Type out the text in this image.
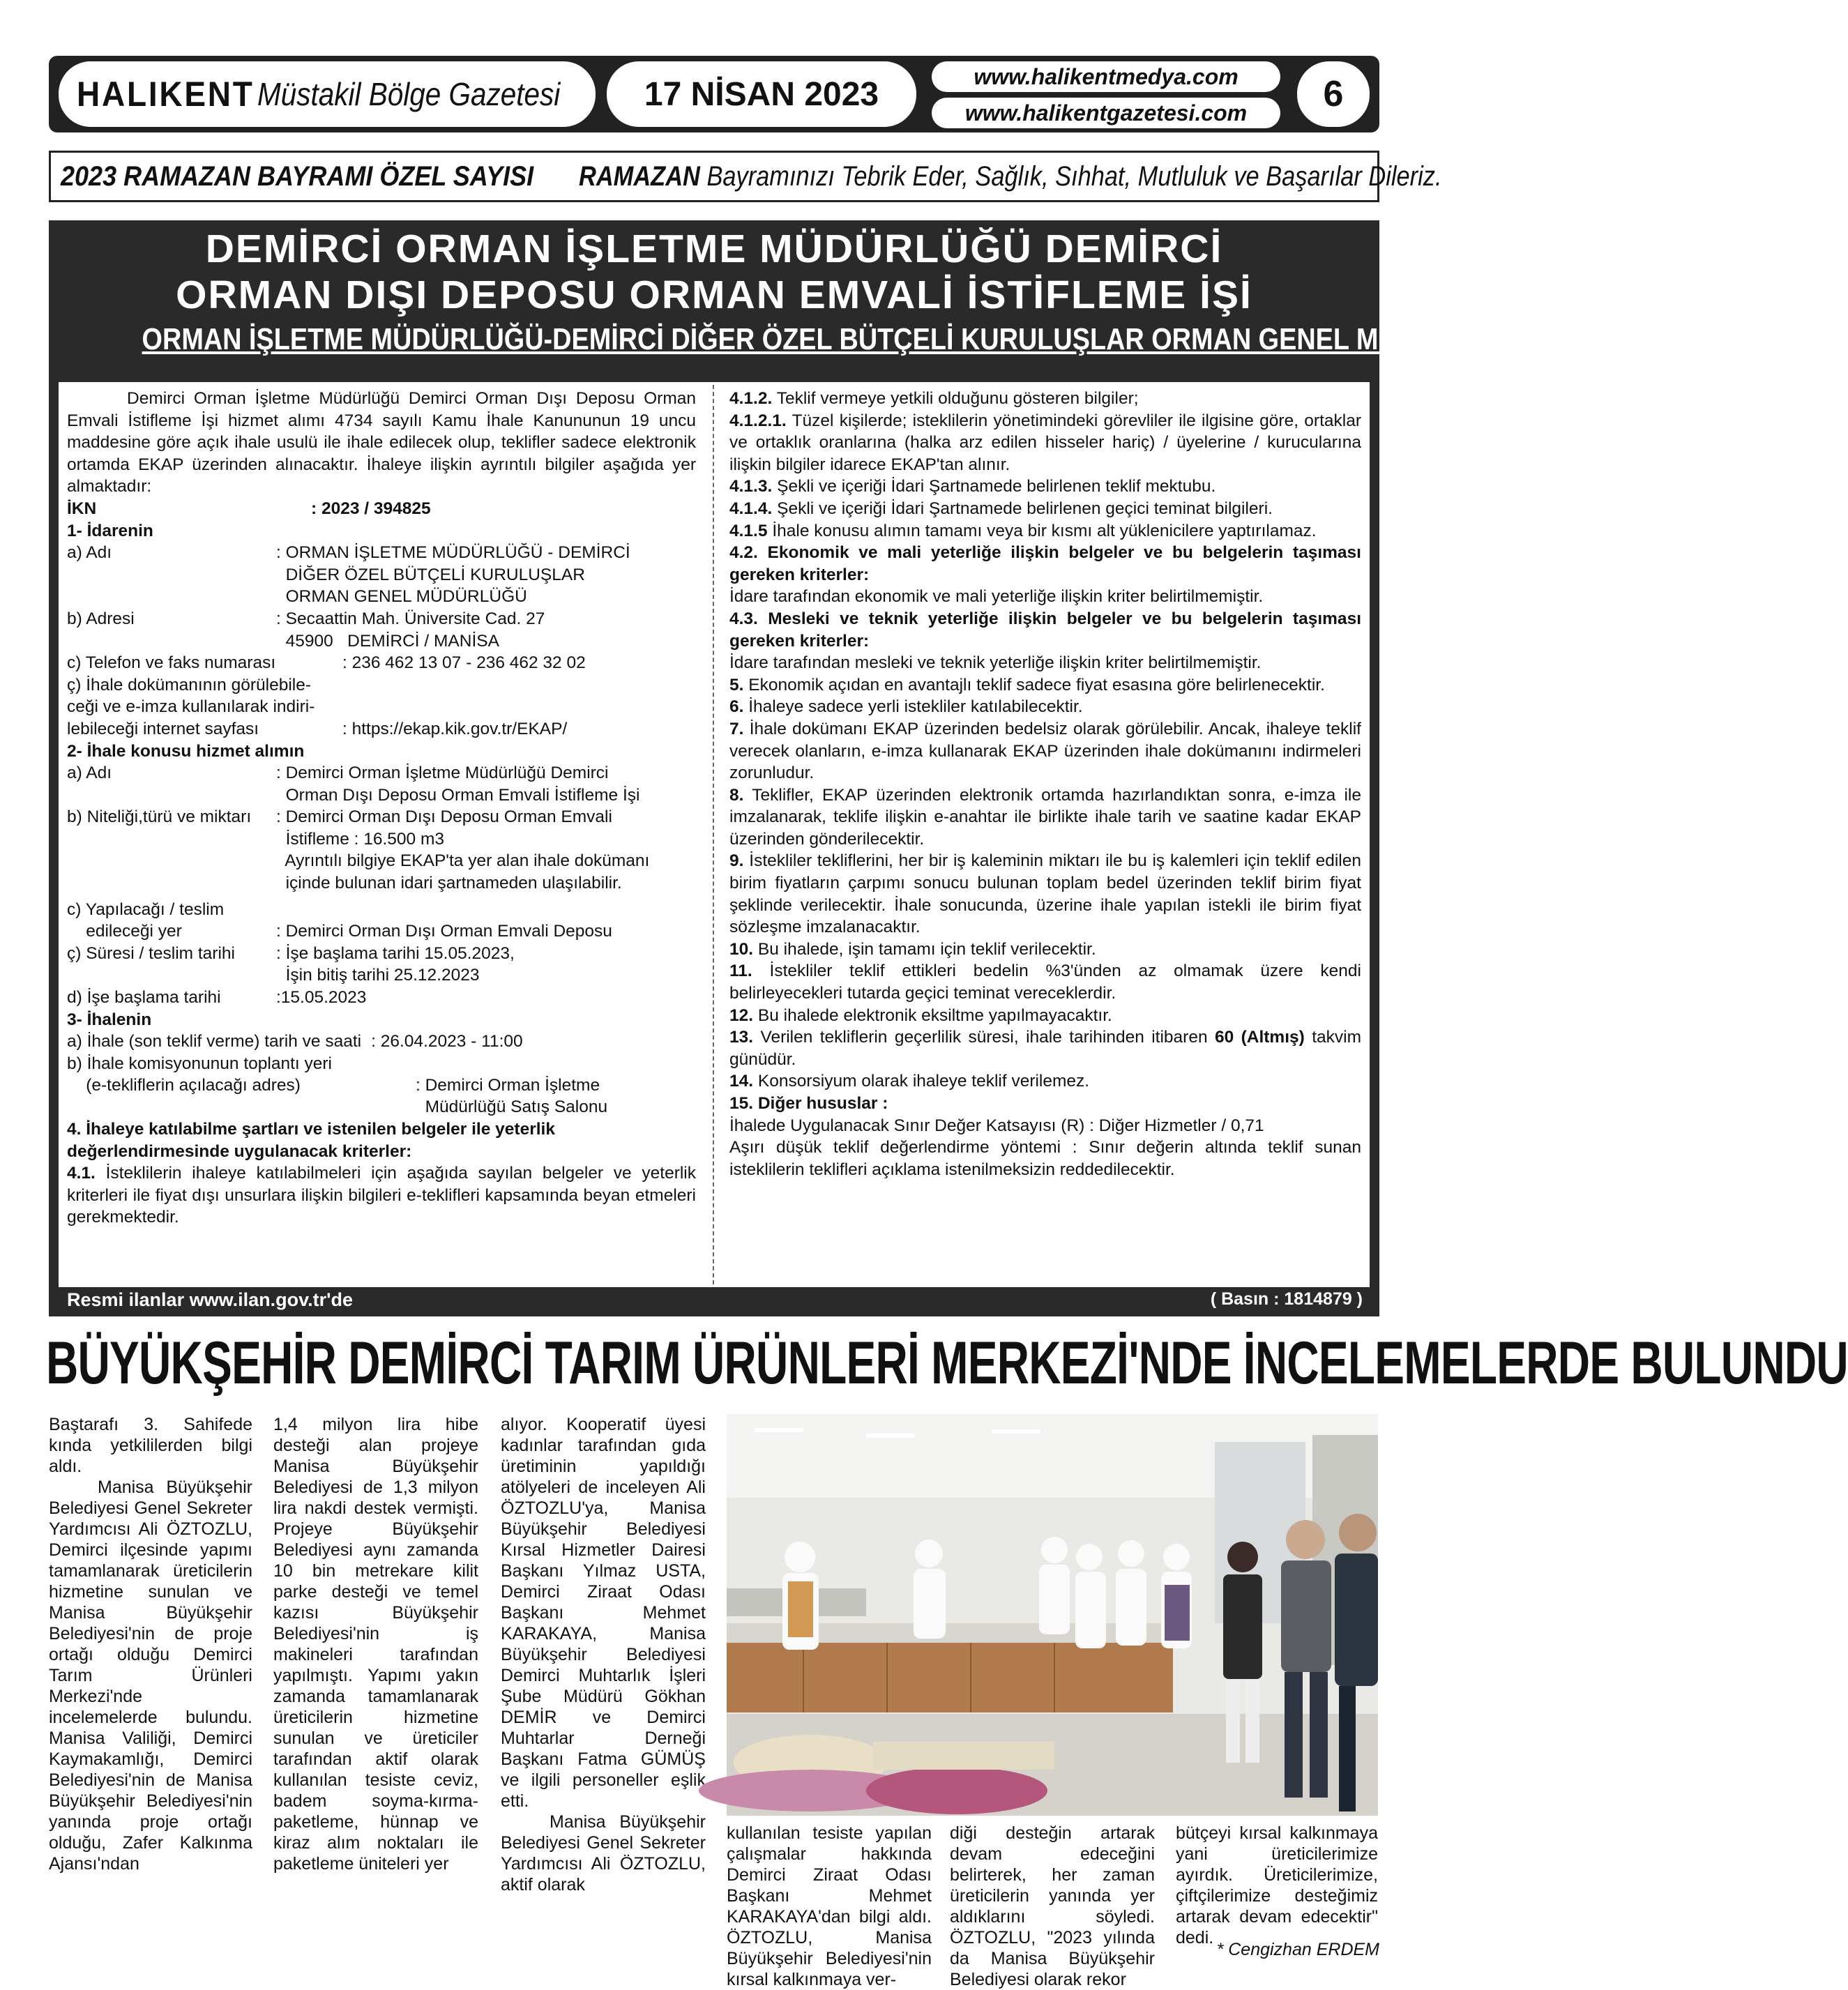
HALIKENT Müstakil Bölge Gazetesi	17 NİSAN 2023	www.halikentmedya.com
www.halikentgazetesi.com	6
2023 RAMAZAN BAYRAMI ÖZEL SAYISI RAMAZAN Bayramınızı Tebrik Eder, Sağlık, Sıhhat, Mutluluk ve Başarılar Dileriz.
DEMİRCİ ORMAN İŞLETME MÜDÜRLÜĞÜ DEMİRCİ
ORMAN DIŞI DEPOSU ORMAN EMVALİ İSTİFLEME İŞİ
ORMAN İŞLETME MÜDÜRLÜĞÜ-DEMİRCİ DİĞER ÖZEL BÜTÇELİ KURULUŞLAR ORMAN GENEL MÜDÜRLÜĞÜ
Demirci Orman İşletme Müdürlüğü Demirci Orman Dışı Deposu Orman Emvali İstifleme İşi hizmet alımı 4734 sayılı Kamu İhale Kanununun 19 uncu maddesine göre açık ihale usulü ile ihale edilecek olup, teklifler sadece elektronik ortamda EKAP üzerinden alınacaktır. İhaleye ilişkin ayrıntılı bilgiler aşağıda yer almaktadır:
İKN	: 2023 / 394825
1- İdarenin
a) Adı	: ORMAN İŞLETME MÜDÜRLÜĞÜ - DEMİRCİ
DİĞER ÖZEL BÜTÇELİ KURULUŞLAR
ORMAN GENEL MÜDÜRLÜĞÜ
b) Adresi	: Secaattin Mah. Üniversite Cad. 27
45900   DEMİRCİ / MANİSA
c) Telefon ve faks numarası	: 236 462 13 07 - 236 462 32 02
ç) İhale dokümanının görülebile-
ceği ve e-imza kullanılarak indiri-
lebileceği internet sayfası	: https://ekap.kik.gov.tr/EKAP/
2- İhale konusu hizmet alımın
a) Adı	: Demirci Orman İşletme Müdürlüğü Demirci
Orman Dışı Deposu Orman Emvali İstifleme İşi
b) Niteliği,türü ve miktarı	: Demirci Orman Dışı Deposu Orman Emvali
İstifleme : 16.500 m3
Ayrıntılı bilgiye EKAP'ta yer alan ihale dokümanı
içinde bulunan idari şartnameden ulaşılabilir.
c) Yapılacağı / teslim
edileceği yer	: Demirci Orman Dışı Orman Emvali Deposu
ç) Süresi / teslim tarihi	: İşe başlama tarihi 15.05.2023,
İşin bitiş tarihi 25.12.2023
d) İşe başlama tarihi	:15.05.2023
3- İhalenin
a) İhale (son teklif verme) tarih ve saati : 26.04.2023 - 11:00
b) İhale komisyonunun toplantı yeri
(e-tekliflerin açılacağı adres)	: Demirci Orman İşletme
Müdürlüğü Satış Salonu
4. İhaleye katılabilme şartları ve istenilen belgeler ile yeterlik değerlendirmesinde uygulanacak kriterler:
4.1. İsteklilerin ihaleye katılabilmeleri için aşağıda sayılan belgeler ve yeterlik kriterleri ile fiyat dışı unsurlara ilişkin bilgileri e-teklifleri kapsamında beyan etmeleri gerekmektedir.
4.1.2. Teklif vermeye yetkili olduğunu gösteren bilgiler;
4.1.2.1. Tüzel kişilerde; isteklilerin yönetimindeki görevliler ile ilgisine göre, ortaklar ve ortaklık oranlarına (halka arz edilen hisseler hariç) / üyelerine / kurucularına ilişkin bilgiler idarece EKAP'tan alınır.
4.1.3. Şekli ve içeriği İdari Şartnamede belirlenen teklif mektubu.
4.1.4. Şekli ve içeriği İdari Şartnamede belirlenen geçici teminat bilgileri.
4.1.5 İhale konusu alımın tamamı veya bir kısmı alt yüklenicilere yaptırılamaz.
4.2. Ekonomik ve mali yeterliğe ilişkin belgeler ve bu belgelerin taşıması gereken kriterler:
İdare tarafından ekonomik ve mali yeterliğe ilişkin kriter belirtilmemiştir.
4.3. Mesleki ve teknik yeterliğe ilişkin belgeler ve bu belgelerin taşıması gereken kriterler:
İdare tarafından mesleki ve teknik yeterliğe ilişkin kriter belirtilmemiştir.
5. Ekonomik açıdan en avantajlı teklif sadece fiyat esasına göre belirlenecektir.
6. İhaleye sadece yerli istekliler katılabilecektir.
7. İhale dokümanı EKAP üzerinden bedelsiz olarak görülebilir. Ancak, ihaleye teklif verecek olanların, e-imza kullanarak EKAP üzerinden ihale dokümanını indirmeleri zorunludur.
8. Teklifler, EKAP üzerinden elektronik ortamda hazırlandıktan sonra, e-imza ile imzalanarak, teklife ilişkin e-anahtar ile birlikte ihale tarih ve saatine kadar EKAP üzerinden gönderilecektir.
9. İstekliler tekliflerini, her bir iş kaleminin miktarı ile bu iş kalemleri için teklif edilen birim fiyatların çarpımı sonucu bulunan toplam bedel üzerinden teklif birim fiyat şeklinde verilecektir. İhale sonucunda, üzerine ihale yapılan istekli ile birim fiyat sözleşme imzalanacaktır.
10. Bu ihalede, işin tamamı için teklif verilecektir.
11. İstekliler teklif ettikleri bedelin %3'ünden az olmamak üzere kendi belirleyecekleri tutarda geçici teminat vereceklerdir.
12. Bu ihalede elektronik eksiltme yapılmayacaktır.
13. Verilen tekliflerin geçerlilik süresi, ihale tarihinden itibaren 60 (Altmış) takvim günüdür.
14. Konsorsiyum olarak ihaleye teklif verilemez.
15. Diğer hususlar :
İhalede Uygulanacak Sınır Değer Katsayısı (R) : Diğer Hizmetler / 0,71
Aşırı düşük teklif değerlendirme yöntemi : Sınır değerin altında teklif sunan isteklilerin teklifleri açıklama istenilmeksizin reddedilecektir.
Resmi ilanlar www.ilan.gov.tr'de	( Basın : 1814879 )
BÜYÜKŞEHİR DEMİRCİ TARIM ÜRÜNLERİ MERKEZİ'NDE İNCELEMELERDE BULUNDU
Baştarafı 3. Sahifede kında yetkililerden bilgi aldı.
Manisa Büyükşehir Belediyesi Genel Sekreter Yardımcısı Ali ÖZTOZLU, Demirci ilçesinde yapımı tamamlanarak üreticilerin hizmetine sunulan ve Manisa Büyükşehir Belediyesi'nin de proje ortağı olduğu Demirci Tarım Ürünleri Merkezi'nde incelemelerde bulundu. Manisa Valiliği, Demirci Kaymakamlığı, Demirci Belediyesi'nin de Manisa Büyükşehir Belediyesi'nin yanında proje ortağı olduğu, Zafer Kalkınma Ajansı'ndan
1,4 milyon lira hibe desteği alan projeye Manisa Büyükşehir Belediyesi de 1,3 milyon lira nakdi destek vermişti. Projeye Büyükşehir Belediyesi aynı zamanda 10 bin metrekare kilit parke desteği ve temel kazısı Büyükşehir Belediyesi'nin iş makineleri tarafından yapılmıştı. Yapımı yakın zamanda tamamlanarak üreticilerin hizmetine sunulan ve üreticiler tarafından aktif olarak kullanılan tesiste ceviz, badem soyma-kırma-paketleme, hünnap ve kiraz alım noktaları ile paketleme üniteleri yer
alıyor. Kooperatif üyesi kadınlar tarafından gıda üretiminin yapıldığı atölyeleri de inceleyen Ali ÖZTOZLU'ya, Manisa Büyükşehir Belediyesi Kırsal Hizmetler Dairesi Başkanı Yılmaz USTA, Demirci Ziraat Odası Başkanı Mehmet KARAKAYA, Manisa Büyükşehir Belediyesi Demirci Muhtarlık İşleri Şube Müdürü Gökhan DEMİR ve Demirci Muhtarlar Derneği Başkanı Fatma GÜMÜŞ ve ilgili personeller eşlik etti.
Manisa Büyükşehir Belediyesi Genel Sekreter Yardımcısı Ali ÖZTOZLU, aktif olarak
kullanılan tesiste yapılan çalışmalar hakkında Demirci Ziraat Odası Başkanı Mehmet KARAKAYA'dan bilgi aldı. ÖZTOZLU, Manisa Büyükşehir Belediyesi'nin kırsal kalkınmaya ver-
diği desteğin artarak devam edeceğini belirterek, her zaman üreticilerin yanında yer aldıklarını söyledi. ÖZTOZLU, "2023 yılında da Manisa Büyükşehir Belediyesi olarak rekor
bütçeyi kırsal kalkınmaya yani üreticilerimize ayırdık. Üreticilerimize, çiftçilerimize desteğimiz artarak devam edecektir" dedi.
* Cengizhan ERDEM
